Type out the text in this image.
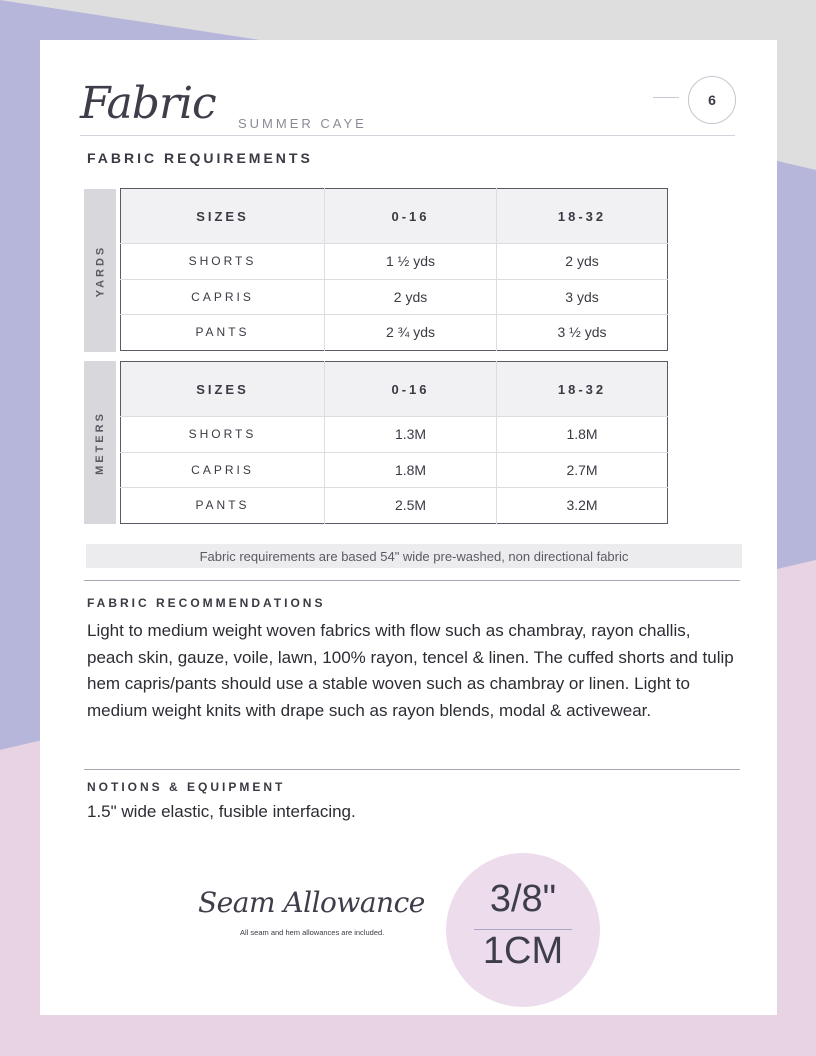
Fabric SUMMER CAYE
6
FABRIC REQUIREMENTS
YARDS
SIZES	0-16	18-32
SHORTS	1 ½ yds	2 yds
CAPRIS	2 yds	3 yds
PANTS	2 ¾ yds	3 ½ yds
METERS
SIZES	0-16	18-32
SHORTS	1.3M	1.8M
CAPRIS	1.8M	2.7M
PANTS	2.5M	3.2M
Fabric requirements are based 54" wide pre-washed, non directional fabric
FABRIC RECOMMENDATIONS
Light to medium weight woven fabrics with flow such as chambray, rayon challis, peach skin, gauze, voile, lawn, 100% rayon, tencel & linen. The cuffed shorts and tulip hem capris/pants should use a stable woven such as chambray or linen. Light to medium weight knits with drape such as rayon blends, modal & activewear.
NOTIONS & EQUIPMENT
1.5" wide elastic, fusible interfacing.
Seam Allowance
All seam and hem allowances are included.
3/8"
1CM
